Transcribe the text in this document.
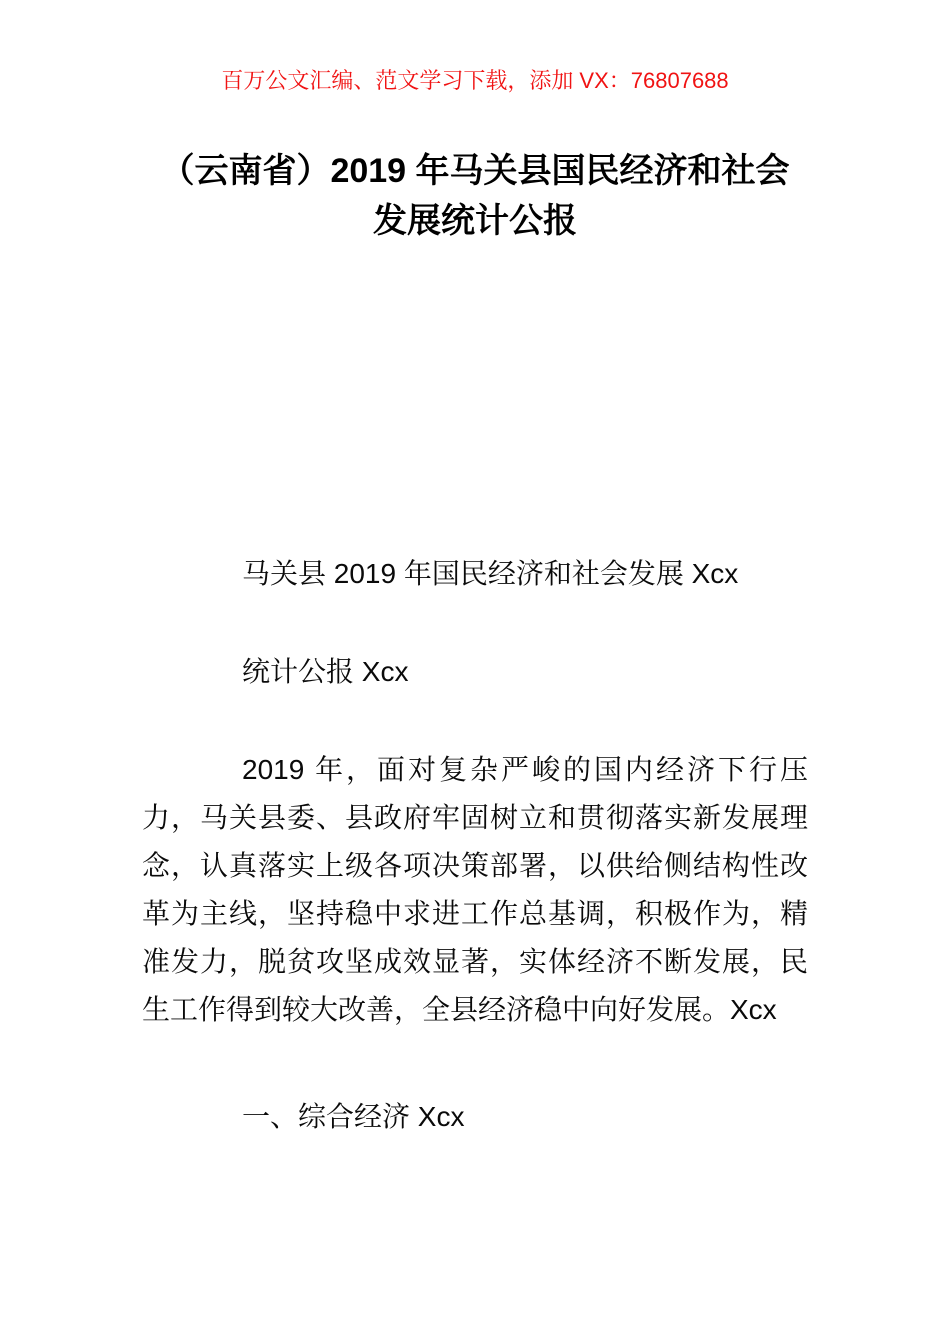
百万公文汇编、范文学习下载，添加 VX：76807688
（云南省）2019 年马关县国民经济和社会
发展统计公报

马关县 2019 年国民经济和社会发展 Xcx

统计公报 Xcx

2019 年，面对复杂严峻的国内经济下行压力，马关县委、县政府牢固树立和贯彻落实新发展理念，认真落实上级各项决策部署，以供给侧结构性改革为主线，坚持稳中求进工作总基调，积极作为，精准发力，脱贫攻坚成效显著，实体经济不断发展，民生工作得到较大改善，全县经济稳中向好发展。Xcx

一、综合经济 Xcx
